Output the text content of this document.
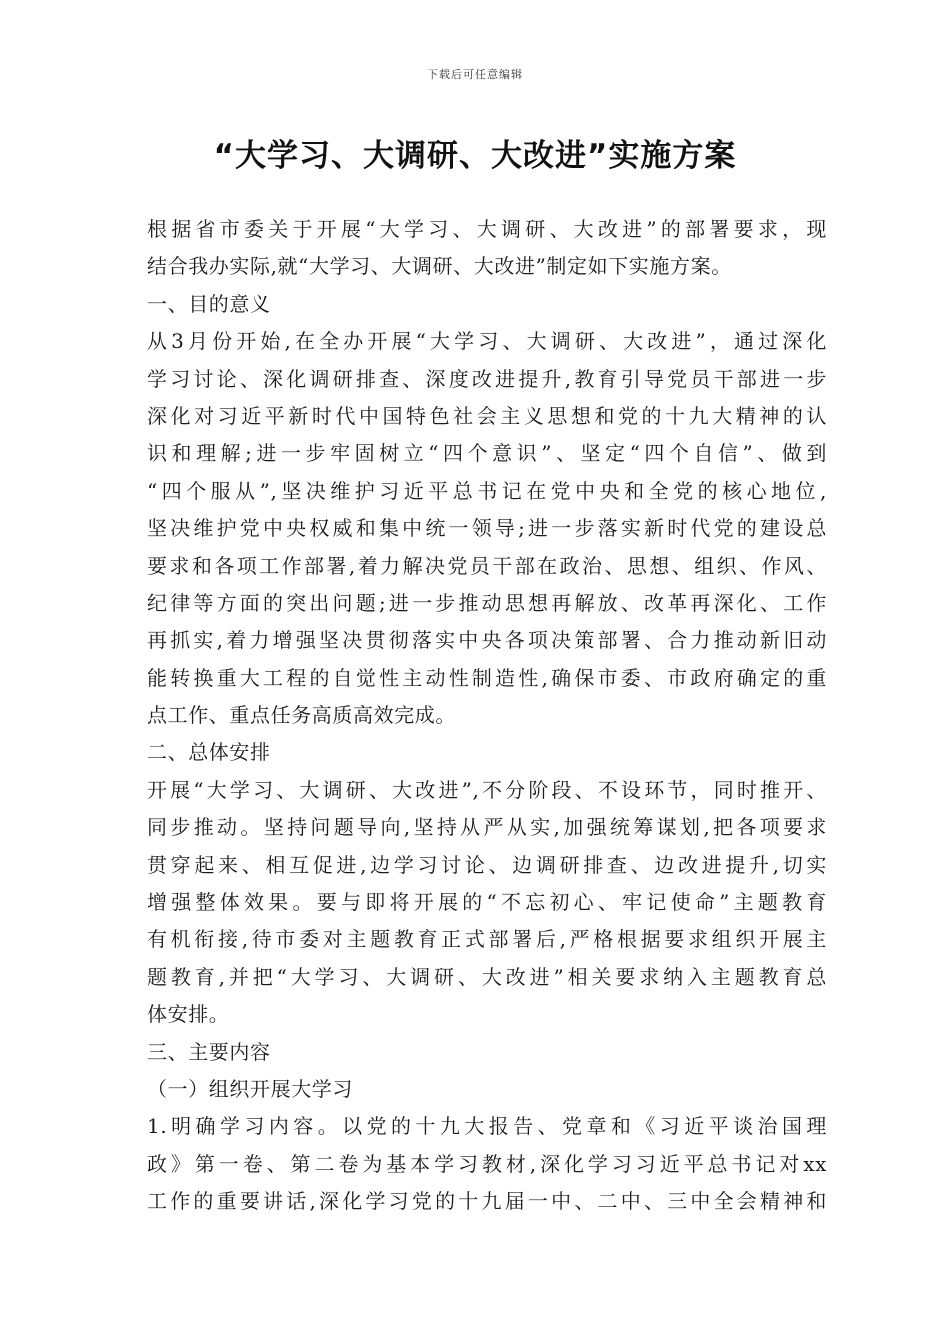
下载后可任意编辑
“大学习、大调研、大改进”实施方案
根据省市委关于开展“大学习、大调研、大改进”的部署要求，现
结合我办实际,就“大学习、大调研、大改进”制定如下实施方案。
一、目的意义
从3月份开始,在全办开展“大学习、大调研、大改进”，通过深化
学习讨论、深化调研排查、深度改进提升,教育引导党员干部进一步
深化对习近平新时代中国特色社会主义思想和党的十九大精神的认
识和理解;进一步牢固树立“四个意识”、坚定“四个自信”、做到
“四个服从”,坚决维护习近平总书记在党中央和全党的核心地位,
坚决维护党中央权威和集中统一领导;进一步落实新时代党的建设总
要求和各项工作部署,着力解决党员干部在政治、思想、组织、作风、
纪律等方面的突出问题;进一步推动思想再解放、改革再深化、工作
再抓实,着力增强坚决贯彻落实中央各项决策部署、合力推动新旧动
能转换重大工程的自觉性主动性制造性,确保市委、市政府确定的重
点工作、重点任务高质高效完成。
二、总体安排
开展“大学习、大调研、大改进”,不分阶段、不设环节，同时推开、
同步推动。坚持问题导向,坚持从严从实,加强统筹谋划,把各项要求
贯穿起来、相互促进,边学习讨论、边调研排查、边改进提升,切实
增强整体效果。要与即将开展的“不忘初心、牢记使命”主题教育
有机衔接,待市委对主题教育正式部署后,严格根据要求组织开展主
题教育,并把“大学习、大调研、大改进”相关要求纳入主题教育总
体安排。
三、主要内容
（一）组织开展大学习
1.明确学习内容。以党的十九大报告、党章和《习近平谈治国理
政》第一卷、第二卷为基本学习教材,深化学习习近平总书记对xx
工作的重要讲话,深化学习党的十九届一中、二中、三中全会精神和
